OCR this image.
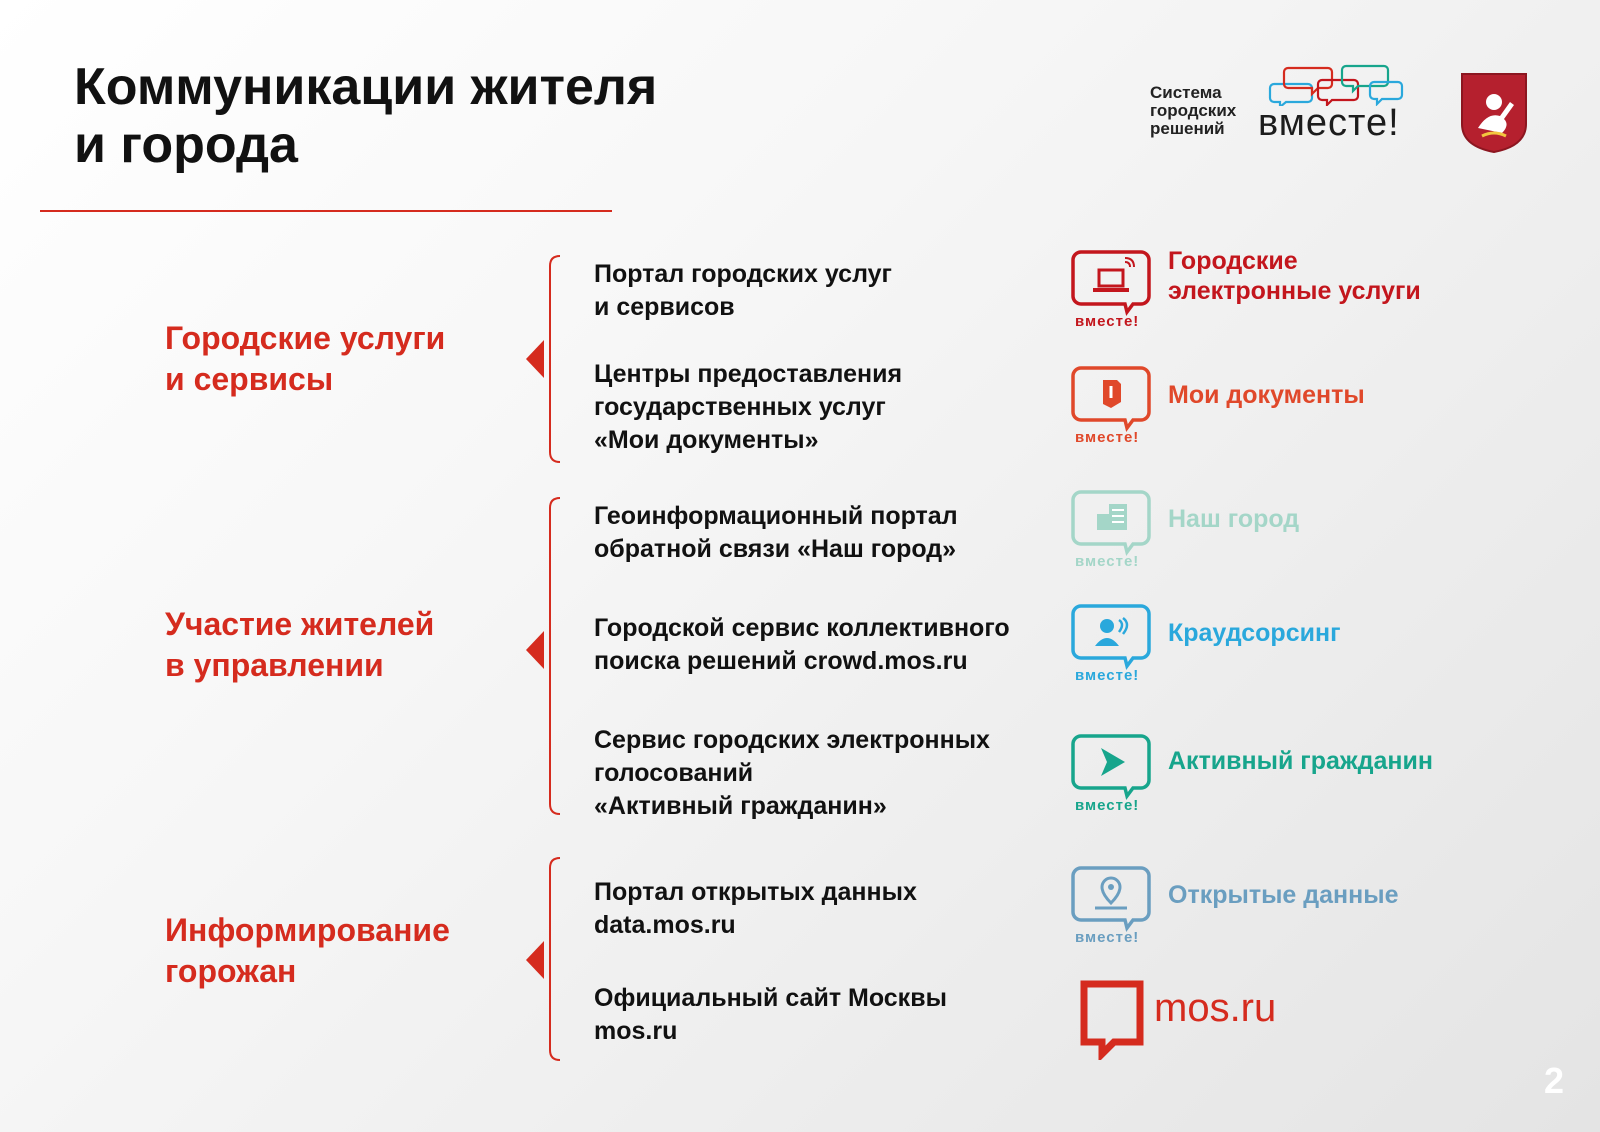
Коммуникации жителя
и города
Система
городских
решений вместе!
Городские услуги
и сервисы
Участие жителей
в управлении
Информирование
горожан
Портал городских услуг
и сервисов
Центры предоставления
государственных услуг
«Мои документы»
Геоинформационный портал
обратной связи «Наш город»
Городской сервис коллективного
поиска решений crowd.mos.ru
Сервис городских электронных
голосований
«Активный гражданин»
Портал открытых данных
data.mos.ru
Официальный сайт Москвы
mos.ru
вместе!
Городские
электронные услуги
вместе!
Мои документы
вместе!
Наш город
вместе!
Краудсорсинг
вместе!
Активный гражданин
вместе!
Открытые данные
mos.ru
2
